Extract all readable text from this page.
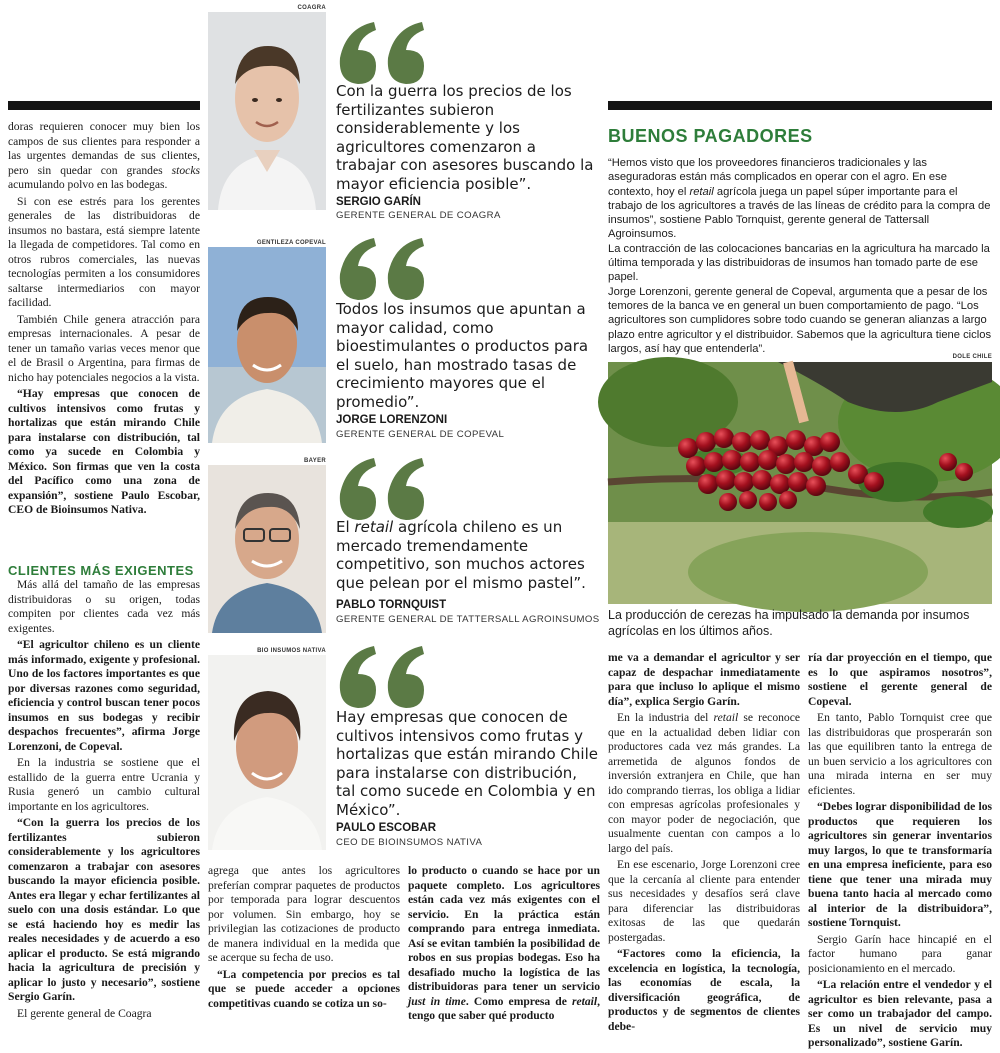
doras requieren conocer muy bien los campos de sus clientes para responder a las urgentes demandas de sus clientes, pero sin quedar con grandes stocks acumulando polvo en las bodegas.

Si con ese estrés para los gerentes generales de las distribuidoras de insumos no bastara, está siempre latente la llegada de competidores. Tal como en otros rubros comerciales, las nuevas tecnologías permiten a los consumidores saltarse intermediarios con mayor facilidad.

También Chile genera atracción para empresas internacionales. A pesar de tener un tamaño varias veces menor que el de Brasil o Argentina, para firmas de nicho hay potenciales negocios a la vista.

“Hay empresas que conocen de cultivos intensivos como frutas y hortalizas que están mirando Chile para instalarse con distribución, tal como ya sucede en Colombia y México. Son firmas que ven la costa del Pacífico como una zona de expansión”, sostiene Paulo Escobar, CEO de Bioinsumos Nativa.

CLIENTES MÁS EXIGENTES

Más allá del tamaño de las empresas distribuidoras o su origen, todas compiten por clientes cada vez más exigentes.

“El agricultor chileno es un cliente más informado, exigente y profesional. Uno de los factores importantes es que por diversas razones como seguridad, eficiencia y control buscan tener pocos insumos en sus bodegas y recibir despachos frecuentes”, afirma Jorge Lorenzoni, de Copeval.

En la industria se sostiene que el estallido de la guerra entre Ucrania y Rusia generó un cambio cultural importante en los agricultores.

“Con la guerra los precios de los fertilizantes subieron considerablemente y los agricultores comenzaron a trabajar con asesores buscando la mayor eficiencia posible. Antes era llegar y echar fertilizantes al suelo con una dosis estándar. Lo que se está haciendo hoy es medir las reales necesidades y de acuerdo a eso aplicar el producto. Se está migrando hacia la agricultura de precisión y aplicar lo justo y necesario”, sostiene Sergio Garín.

El gerente general de Coagra

COAGRA
Con la guerra los precios de los fertilizantes subieron considerablemente y los agricultores comenzaron a trabajar con asesores buscando la mayor eficiencia posible”.
SERGIO GARÍN
GERENTE GENERAL DE COAGRA
GENTILEZA COPEVAL
Todos los insumos que apuntan a mayor calidad, como bioestimulantes o productos para el suelo, han mostrado tasas de crecimiento mayores que el promedio”.
JORGE LORENZONI
GERENTE GENERAL DE COPEVAL
BAYER
El retail agrícola chileno es un mercado tremendamente competitivo, son muchos actores que pelean por el mismo pastel”.
PABLO TORNQUIST
GERENTE GENERAL DE TATTERSALL AGROINSUMOS
BIO INSUMOS NATIVA
Hay empresas que conocen de cultivos intensivos como frutas y hortalizas que están mirando Chile para instalarse con distribución, tal como sucede en Colombia y en México”.
PAULO ESCOBAR
CEO DE BIOINSUMOS NATIVA

agrega que antes los agricultores preferían comprar paquetes de productos por temporada para lograr descuentos por volumen. Sin embargo, hoy se privilegian las cotizaciones de producto de manera individual en la medida que se acerque su fecha de uso.

“La competencia por precios es tal que se puede acceder a opciones competitivas cuando se cotiza un so-

lo producto o cuando se hace por un paquete completo. Los agricultores están cada vez más exigentes con el servicio. En la práctica están comprando para entrega inmediata. Así se evitan también la posibilidad de robos en sus propias bodegas. Eso ha desafiado mucho la logística de las distribuidoras para tener un servicio just in time. Como empresa de retail, tengo que saber qué producto

BUENOS PAGADORES

“Hemos visto que los proveedores financieros tradicionales y las aseguradoras están más complicados en operar con el agro. En ese contexto, hoy el retail agrícola juega un papel súper importante para el trabajo de los agricultores a través de las líneas de crédito para la compra de insumos”, sostiene Pablo Tornquist, gerente general de Tattersall Agroinsumos.

La contracción de las colocaciones bancarias en la agricultura ha marcado la última temporada y las distribuidoras de insumos han tomado parte de ese papel.

Jorge Lorenzoni, gerente general de Copeval, argumenta que a pesar de los temores de la banca ve en general un buen comportamiento de pago. “Los agricultores son cumplidores sobre todo cuando se generan alianzas a largo plazo entre agricultor y el distribuidor. Sabemos que la agricultura tiene ciclos largos, así hay que entenderla”.

DOLE CHILE
La producción de cerezas ha impulsado la demanda por insumos agrícolas en los últimos años.

me va a demandar el agricultor y ser capaz de despachar inmediatamente para que incluso lo aplique el mismo día”, explica Sergio Garín.

En la industria del retail se reconoce que en la actualidad deben lidiar con productores cada vez más grandes. La arremetida de algunos fondos de inversión extranjera en Chile, que han ido comprando tierras, los obliga a lidiar con empresas agrícolas profesionales y con mayor poder de negociación, que usualmente cuentan con campos a lo largo del país.

En ese escenario, Jorge Lorenzoni cree que la cercanía al cliente para entender sus necesidades y desafíos será clave para diferenciar las distribuidoras exitosas de las que quedarán postergadas.

“Factores como la eficiencia, la excelencia en logística, la tecnología, las economías de escala, la diversificación geográfica, de productos y de segmentos de clientes debe-

ría dar proyección en el tiempo, que es lo que aspiramos nosotros”, sostiene el gerente general de Copeval.

En tanto, Pablo Tornquist cree que las distribuidoras que prosperarán son las que equilibren tanto la entrega de un buen servicio a los agricultores con una mirada interna en ser muy eficientes.

“Debes lograr disponibilidad de los productos que requieren los agricultores sin generar inventarios muy largos, lo que te transformaría en una empresa ineficiente, para eso tiene que tener una mirada muy buena tanto hacia al mercado como al interior de la distribuidora”, sostiene Tornquist.

Sergio Garín hace hincapié en el factor humano para ganar posicionamiento en el mercado.

“La relación entre el vendedor y el agricultor es bien relevante, pasa a ser como un trabajador del campo. Es un nivel de servicio muy personalizado”, sostiene Garín.
